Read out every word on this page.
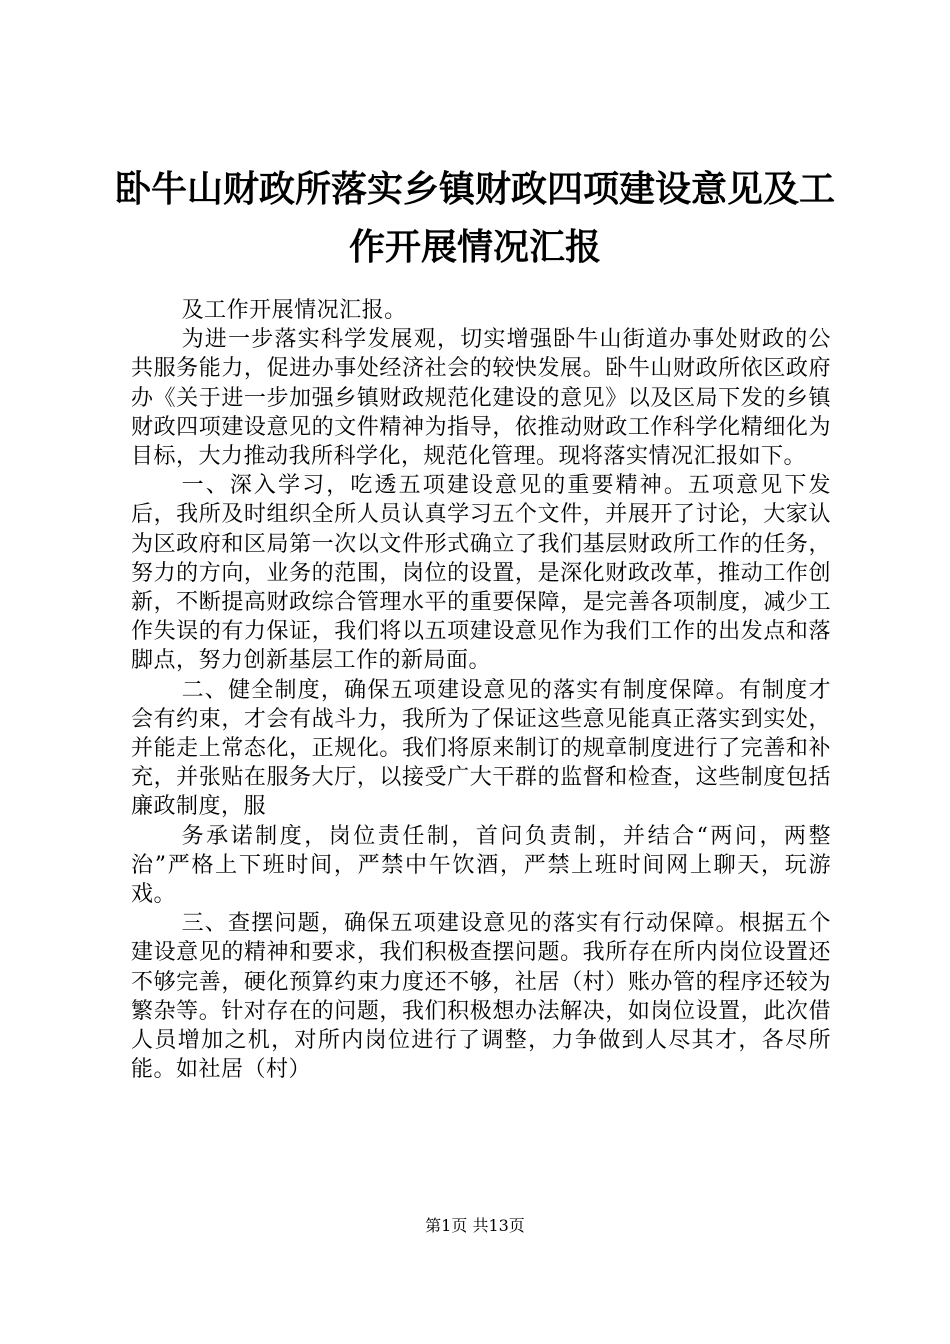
卧牛山财政所落实乡镇财政四项建设意见及工
作开展情况汇报

及工作开展情况汇报。

为进一步落实科学发展观，切实增强卧牛山街道办事处财政的公共服务能力，促进办事处经济社会的较快发展。卧牛山财政所依区政府办《关于进一步加强乡镇财政规范化建设的意见》以及区局下发的乡镇财政四项建设意见的文件精神为指导，依推动财政工作科学化精细化为目标，大力推动我所科学化，规范化管理。现将落实情况汇报如下。

一、深入学习，吃透五项建设意见的重要精神。五项意见下发后，我所及时组织全所人员认真学习五个文件，并展开了讨论，大家认为区政府和区局第一次以文件形式确立了我们基层财政所工作的任务，努力的方向，业务的范围，岗位的设置，是深化财政改革，推动工作创新，不断提高财政综合管理水平的重要保障，是完善各项制度，减少工作失误的有力保证，我们将以五项建设意见作为我们工作的出发点和落脚点，努力创新基层工作的新局面。

二、健全制度，确保五项建设意见的落实有制度保障。有制度才会有约束，才会有战斗力，我所为了保证这些意见能真正落实到实处，并能走上常态化，正规化。我们将原来制订的规章制度进行了完善和补充，并张贴在服务大厅，以接受广大干群的监督和检查，这些制度包括廉政制度，服

务承诺制度，岗位责任制，首问负责制，并结合“两问，两整治”严格上下班时间，严禁中午饮酒，严禁上班时间网上聊天，玩游戏。

三、查摆问题，确保五项建设意见的落实有行动保障。根据五个建设意见的精神和要求，我们积极查摆问题。我所存在所内岗位设置还不够完善，硬化预算约束力度还不够，社居（村）账办管的程序还较为繁杂等。针对存在的问题，我们积极想办法解决，如岗位设置，此次借人员增加之机，对所内岗位进行了调整，力争做到人尽其才，各尽所能。如社居（村）

第1页 共13页
